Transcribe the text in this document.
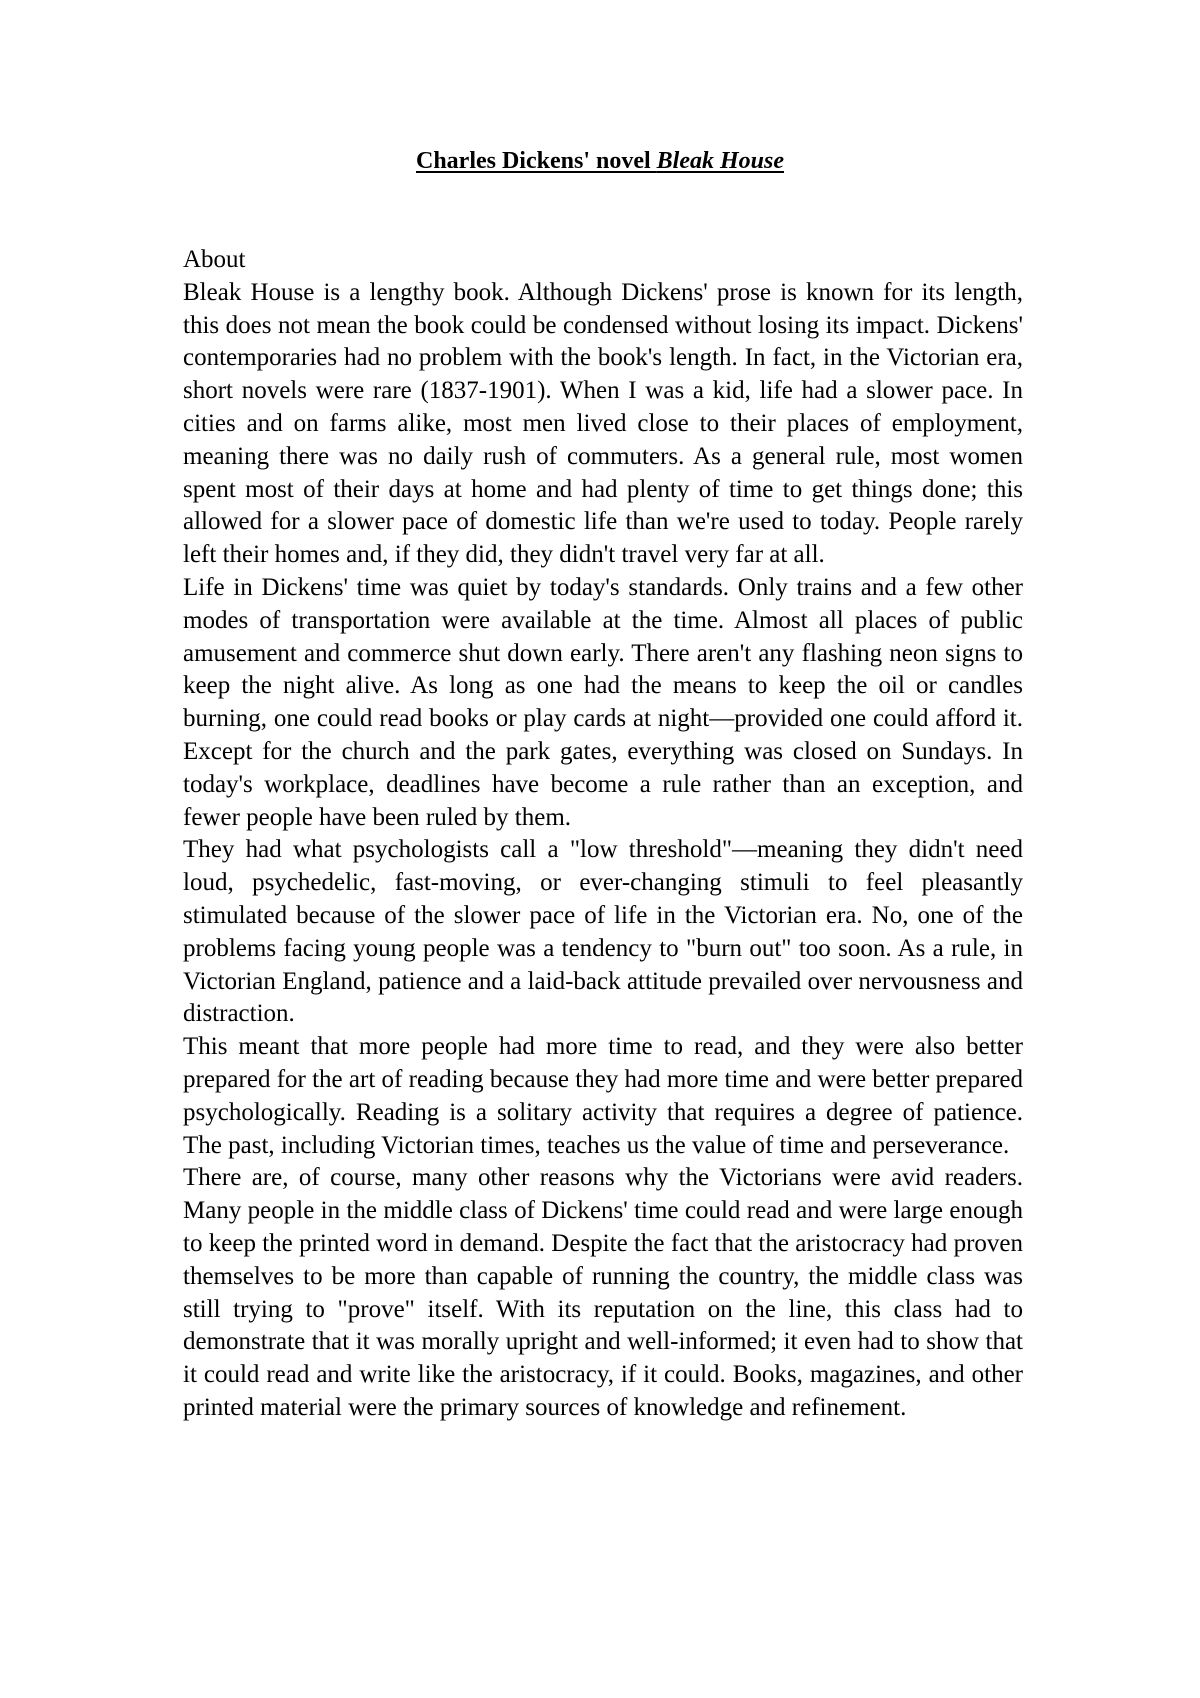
Charles Dickens' novel Bleak House

About

Bleak House is a lengthy book. Although Dickens' prose is known for its length, this does not mean the book could be condensed without losing its impact. Dickens' contemporaries had no problem with the book's length. In fact, in the Victorian era, short novels were rare (1837-1901). When I was a kid, life had a slower pace. In cities and on farms alike, most men lived close to their places of employment, meaning there was no daily rush of commuters. As a general rule, most women spent most of their days at home and had plenty of time to get things done; this allowed for a slower pace of domestic life than we're used to today. People rarely left their homes and, if they did, they didn't travel very far at all.

Life in Dickens' time was quiet by today's standards. Only trains and a few other modes of transportation were available at the time. Almost all places of public amusement and commerce shut down early. There aren't any flashing neon signs to keep the night alive. As long as one had the means to keep the oil or candles burning, one could read books or play cards at night—provided one could afford it. Except for the church and the park gates, everything was closed on Sundays. In today's workplace, deadlines have become a rule rather than an exception, and fewer people have been ruled by them.

They had what psychologists call a "low threshold"—meaning they didn't need loud, psychedelic, fast-moving, or ever-changing stimuli to feel pleasantly stimulated because of the slower pace of life in the Victorian era. No, one of the problems facing young people was a tendency to "burn out" too soon. As a rule, in Victorian England, patience and a laid-back attitude prevailed over nervousness and distraction.

This meant that more people had more time to read, and they were also better prepared for the art of reading because they had more time and were better prepared psychologically. Reading is a solitary activity that requires a degree of patience. The past, including Victorian times, teaches us the value of time and perseverance.

There are, of course, many other reasons why the Victorians were avid readers. Many people in the middle class of Dickens' time could read and were large enough to keep the printed word in demand. Despite the fact that the aristocracy had proven themselves to be more than capable of running the country, the middle class was still trying to "prove" itself. With its reputation on the line, this class had to demonstrate that it was morally upright and well-informed; it even had to show that it could read and write like the aristocracy, if it could. Books, magazines, and other printed material were the primary sources of knowledge and refinement.
